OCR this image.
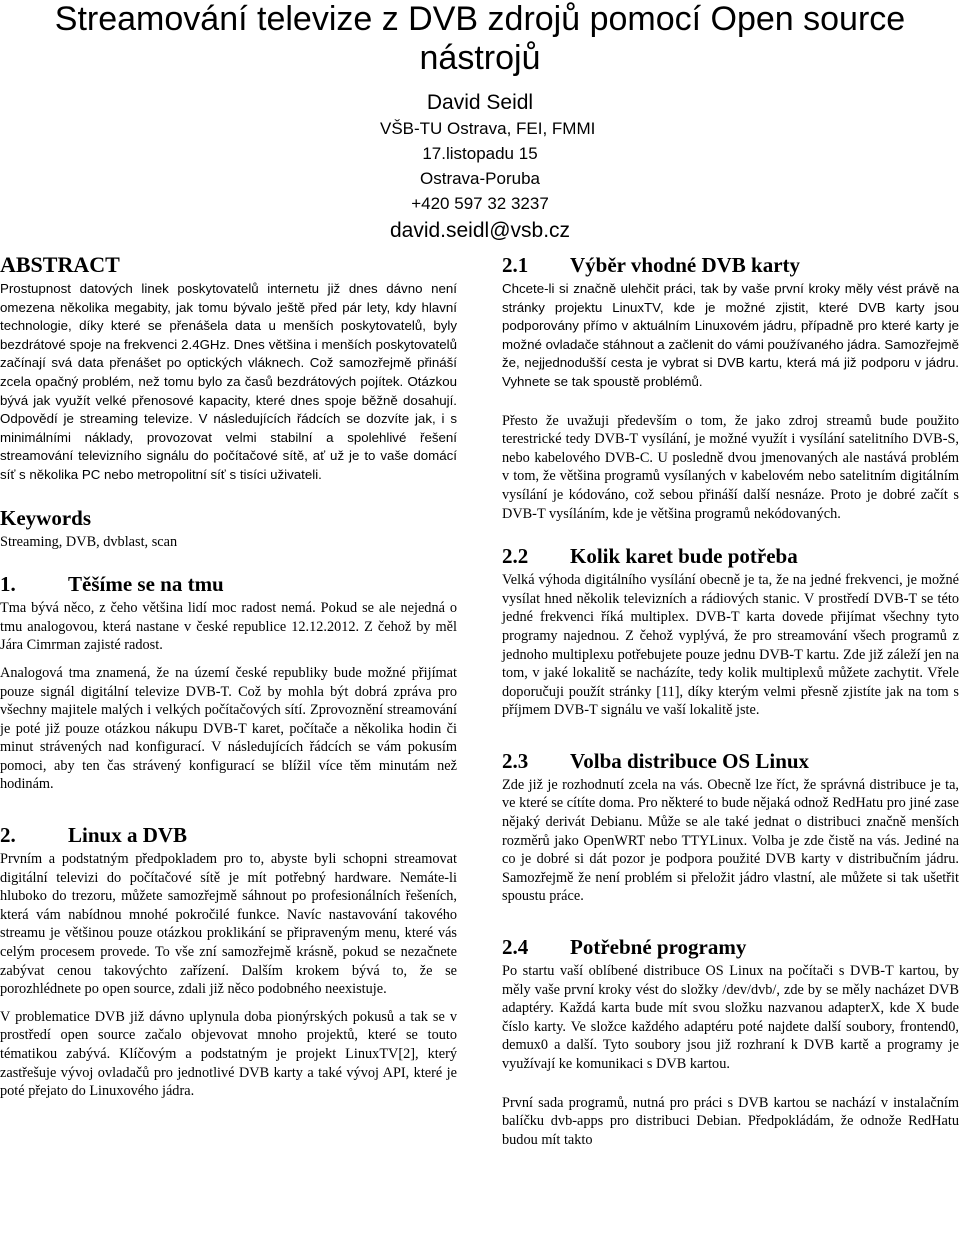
Streamování televize z DVB zdrojů pomocí Open source nástrojů
David Seidl
VŠB-TU Ostrava, FEI, FMMI
17.listopadu 15
Ostrava-Poruba
+420 597 32 3237
david.seidl@vsb.cz
ABSTRACT

Prostupnost datových linek poskytovatelů internetu již dnes dávno není omezena několika megabity, jak tomu bývalo ještě před pár lety, kdy hlavní technologie, díky které se přenášela data u menších poskytovatelů, byly bezdrátové spoje na frekvenci 2.4GHz. Dnes většina i menších poskytovatelů začínají svá data přenášet po optických vláknech. Což samozřejmě přináší zcela opačný problém, než tomu bylo za časů bezdrátových pojítek. Otázkou bývá jak využít velké přenosové kapacity, které dnes spoje běžně dosahují. Odpovědí je streaming televize. V následujících řádcích se dozvíte jak, i s minimálními náklady, provozovat velmi stabilní a spolehlivé řešení streamování televizního signálu do počítačové sítě, ať už je to vaše domácí síť s několika PC nebo metropolitní síť s tisíci uživateli.

Keywords

Streaming, DVB, dvblast, scan

1. Těšíme se na tmu

Tma bývá něco, z čeho většina lidí moc radost nemá. Pokud se ale nejedná o tmu analogovou, která nastane v české republice 12.12.2012. Z čehož by měl Jára Cimrman zajisté radost.

Analogová tma znamená, že na území české republiky bude možné přijímat pouze signál digitální televize DVB-T. Což by mohla být dobrá zpráva pro všechny majitele malých i velkých počítačových sítí. Zprovoznění streamování je poté již pouze otázkou nákupu DVB-T karet, počítače a několika hodin či minut strávených nad konfigurací. V následujících řádcích se vám pokusím pomoci, aby ten čas strávený konfigurací se blížil více těm minutám než hodinám.

2. Linux a DVB

Prvním a podstatným předpokladem pro to, abyste byli schopni streamovat digitální televizi do počítačové sítě je mít potřebný hardware. Nemáte-li hluboko do trezoru, můžete samozřejmě sáhnout po profesionálních řešeních, která vám nabídnou mnohé pokročilé funkce. Navíc nastavování takového streamu je většinou pouze otázkou proklikání se připraveným menu, které vás celým procesem provede. To vše zní samozřejmě krásně, pokud se nezačnete zabývat cenou takovýchto zařízení. Dalším krokem bývá to, že se porozhlédnete po open source, zdali již něco podobného neexistuje.

V problematice DVB již dávno uplynula doba pionýrských pokusů a tak se v prostředí open source začalo objevovat mnoho projektů, které se touto tématikou zabývá. Klíčovým a podstatným je projekt LinuxTV[2], který zastřešuje vývoj ovladačů pro jednotlivé DVB karty a také vývoj API, které je poté přejato do Linuxového jádra.

2.1 Výběr vhodné DVB karty

Chcete-li si značně ulehčit práci, tak by vaše první kroky měly vést právě na stránky projektu LinuxTV, kde je možné zjistit, které DVB karty jsou podporovány přímo v aktuálním Linuxovém jádru, případně pro které karty je možné ovladače stáhnout a začlenit do vámi používaného jádra. Samozřejmě že, nejjednodušší cesta je vybrat si DVB kartu, která má již podporu v jádru. Vyhnete se tak spoustě problémů.

Přesto že uvažuji především o tom, že jako zdroj streamů bude použito terestrické tedy DVB-T vysílání, je možné využít i vysílání satelitního DVB-S, nebo kabelového DVB-C. U posledně dvou jmenovaných ale nastává problém v tom, že většina programů vysílaných v kabelovém nebo satelitním digitálním vysílání je kódováno, což sebou přináší další nesnáze. Proto je dobré začít s DVB-T vysíláním, kde je většina programů nekódovaných.

2.2 Kolik karet bude potřeba

Velká výhoda digitálního vysílání obecně je ta, že na jedné frekvenci, je možné vysílat hned několik televizních a rádiových stanic. V prostředí DVB-T se této jedné frekvenci říká multiplex. DVB-T karta dovede přijímat všechny tyto programy najednou. Z čehož vyplývá, že pro streamování všech programů z jednoho multiplexu potřebujete pouze jednu DVB-T kartu. Zde již záleží jen na tom, v jaké lokalitě se nacházíte, tedy kolik multiplexů můžete zachytit. Vřele doporučuji použít stránky [11], díky kterým velmi přesně zjistíte jak na tom s příjmem DVB-T signálu ve vaší lokalitě jste.

2.3 Volba distribuce OS Linux

Zde již je rozhodnutí zcela na vás. Obecně lze říct, že správná distribuce je ta, ve které se cítíte doma. Pro některé to bude nějaká odnož RedHatu pro jiné zase nějaký derivát Debianu. Může se ale také jednat o distribuci značně menších rozměrů jako OpenWRT nebo TTYLinux. Volba je zde čistě na vás. Jediné na co je dobré si dát pozor je podpora použité DVB karty v distribučním jádru. Samozřejmě že není problém si přeložit jádro vlastní, ale můžete si tak ušetřit spoustu práce.

2.4 Potřebné programy

Po startu vaší oblíbené distribuce OS Linux na počítači s DVB-T kartou, by měly vaše první kroky vést do složky /dev/dvb/, zde by se měly nacházet DVB adaptéry. Každá karta bude mít svou složku nazvanou adapterX, kde X bude číslo karty. Ve složce každého adaptéru poté najdete další soubory, frontend0, demux0 a další. Tyto soubory jsou již rozhraní k DVB kartě a programy je využívají ke komunikaci s DVB kartou.

První sada programů, nutná pro práci s DVB kartou se nachází v instalačním balíčku dvb-apps pro distribuci Debian. Předpokládám, že odnože RedHatu budou mít takto
